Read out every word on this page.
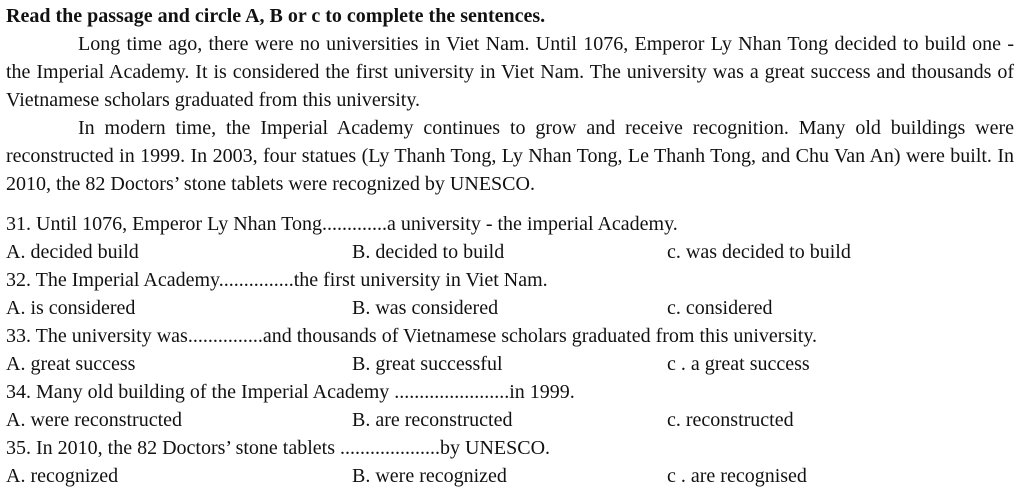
Read the passage and circle A, B or c to complete the sentences.

Long time ago, there were no universities in Viet Nam. Until 1076, Emperor Ly Nhan Tong decided to build one - the Imperial Academy. It is considered the first university in Viet Nam. The university was a great success and thousands of Vietnamese scholars graduated from this university.

In modern time, the Imperial Academy continues to grow and receive recognition. Many old buildings were reconstructed in 1999. In 2003, four statues (Ly Thanh Tong, Ly Nhan Tong, Le Thanh Tong, and Chu Van An) were built. In 2010, the 82 Doctors’ stone tablets were recognized by UNESCO.

31. Until 1076, Emperor Ly Nhan Tong.............a university - the imperial Academy.
A. decided build	B. decided to build	c. was decided to build
32. The Imperial Academy...............the first university in Viet Nam.
A. is considered	B. was considered	c. considered
33. The university was...............and thousands of Vietnamese scholars graduated from this university.
A. great success	B. great successful	c . a great success
34. Many old building of the Imperial Academy .......................in 1999.
A. were reconstructed	B. are reconstructed	c. reconstructed
35. In 2010, the 82 Doctors’ stone tablets ....................by UNESCO.
A. recognized	B. were recognized	c . are recognised
